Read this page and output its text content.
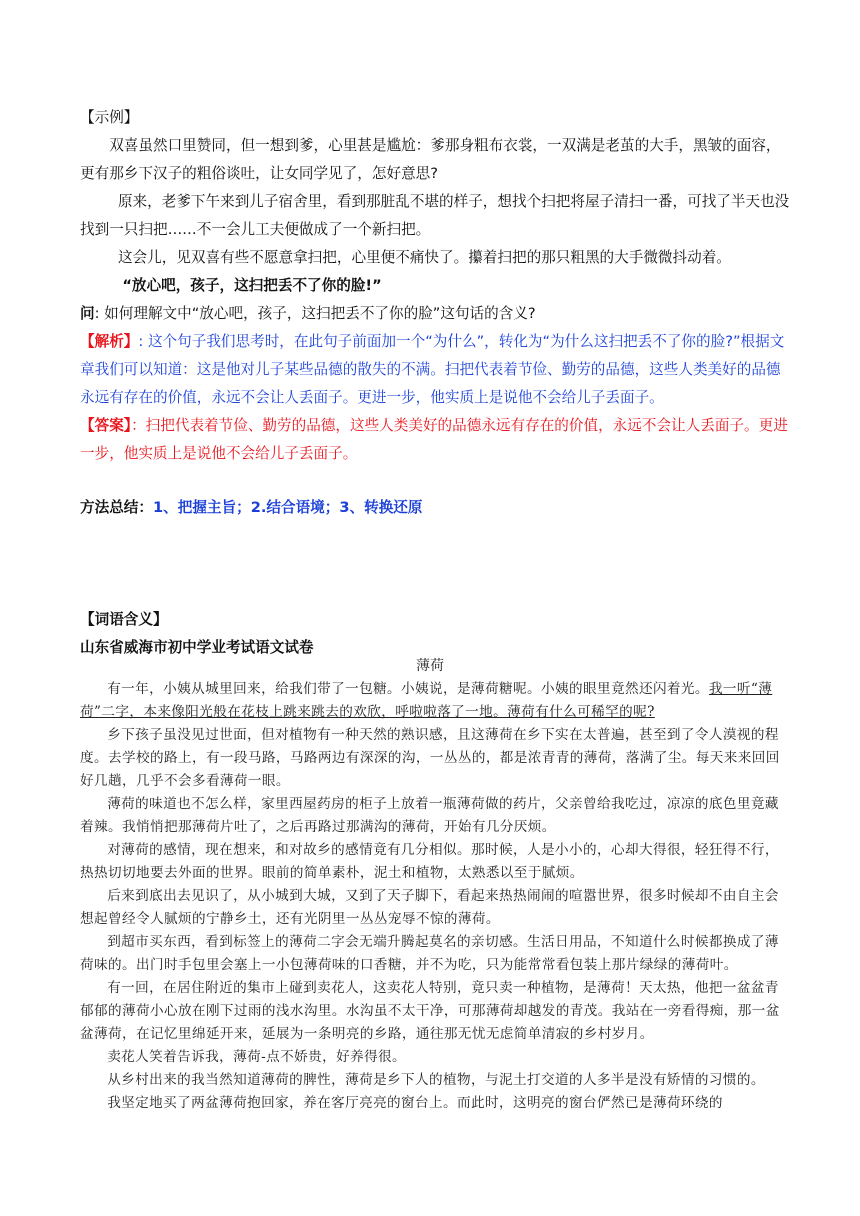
【示例】

双喜虽然口里赞同，但一想到爹，心里甚是尴尬：爹那身粗布衣裳，一双满是老茧的大手，黑皱的面容，更有那乡下汉子的粗俗谈吐，让女同学见了，怎好意思?

原来，老爹下午来到儿子宿舍里，看到那脏乱不堪的样子，想找个扫把将屋子清扫一番，可找了半天也没找到一只扫把……不一会儿工夫便做成了一个新扫把。

这会儿，见双喜有些不愿意拿扫把，心里便不痛快了。攥着扫把的那只粗黑的大手微微抖动着。

“放心吧，孩子，这扫把丢不了你的脸!”

问: 如何理解文中“放心吧，孩子，这扫把丢不了你的脸”这句话的含义?

【解析】: 这个句子我们思考时，在此句子前面加一个“为什么”，转化为“为什么这扫把丢不了你的脸?”根据文章我们可以知道：这是他对儿子某些品德的散失的不满。扫把代表着节俭、勤劳的品德，这些人类美好的品德永远有存在的价值，永远不会让人丢面子。更进一步，他实质上是说他不会给儿子丢面子。

【答案】：扫把代表着节俭、勤劳的品德，这些人类美好的品德永远有存在的价值，永远不会让人丢面子。更进一步，他实质上是说他不会给儿子丢面子。

方法总结：1、把握主旨；2.结合语境；3、转换还原
【词语含义】
山东省威海市初中学业考试语文试卷
薄荷

有一年，小姨从城里回来，给我们带了一包糖。小姨说，是薄荷糖呢。小姨的眼里竟然还闪着光。我一听“薄荷”二字，本来像阳光般在花枝上跳来跳去的欢欣，呼啦啦落了一地。薄荷有什么可稀罕的呢?

乡下孩子虽没见过世面，但对植物有一种天然的熟识感，且这薄荷在乡下实在太普遍，甚至到了令人漠视的程度。去学校的路上，有一段马路，马路两边有深深的沟，一丛丛的，都是浓青青的薄荷，落满了尘。每天来来回回好几趟，几乎不会多看薄荷一眼。

薄荷的味道也不怎么样，家里西屋药房的柜子上放着一瓶薄荷做的药片，父亲曾给我吃过，凉凉的底色里竟藏着辣。我悄悄把那薄荷片吐了，之后再路过那满沟的薄荷，开始有几分厌烦。

对薄荷的感情，现在想来，和对故乡的感情竟有几分相似。那时候，人是小小的，心却大得很，轻狂得不行，热热切切地要去外面的世界。眼前的简单素朴，泥土和植物，太熟悉以至于腻烦。

后来到底出去见识了，从小城到大城，又到了天子脚下，看起来热热闹闹的喧嚣世界，很多时候却不由自主会想起曾经令人腻烦的宁静乡土，还有光阴里一丛丛宠辱不惊的薄荷。

到超市买东西，看到标签上的薄荷二字会无端升腾起莫名的亲切感。生活日用品，不知道什么时候都换成了薄荷味的。出门时手包里会塞上一小包薄荷味的口香糖，并不为吃，只为能常常看包装上那片绿绿的薄荷叶。

有一回，在居住附近的集市上碰到卖花人，这卖花人特别，竟只卖一种植物，是薄荷！天太热，他把一盆盆青郁郁的薄荷小心放在刚下过雨的浅水沟里。水沟虽不太干净，可那薄荷却越发的青茂。我站在一旁看得痴，那一盆盆薄荷，在记忆里绵延开来，延展为一条明亮的乡路，通往那无忧无虑简单清寂的乡村岁月。

卖花人笑着告诉我，薄荷-点不娇贵，好养得很。

从乡村出来的我当然知道薄荷的脾性，薄荷是乡下人的植物，与泥土打交道的人多半是没有矫情的习惯的。

我坚定地买了两盆薄荷抱回家，养在客厅亮亮的窗台上。而此时，这明亮的窗台俨然已是薄荷环绕的
